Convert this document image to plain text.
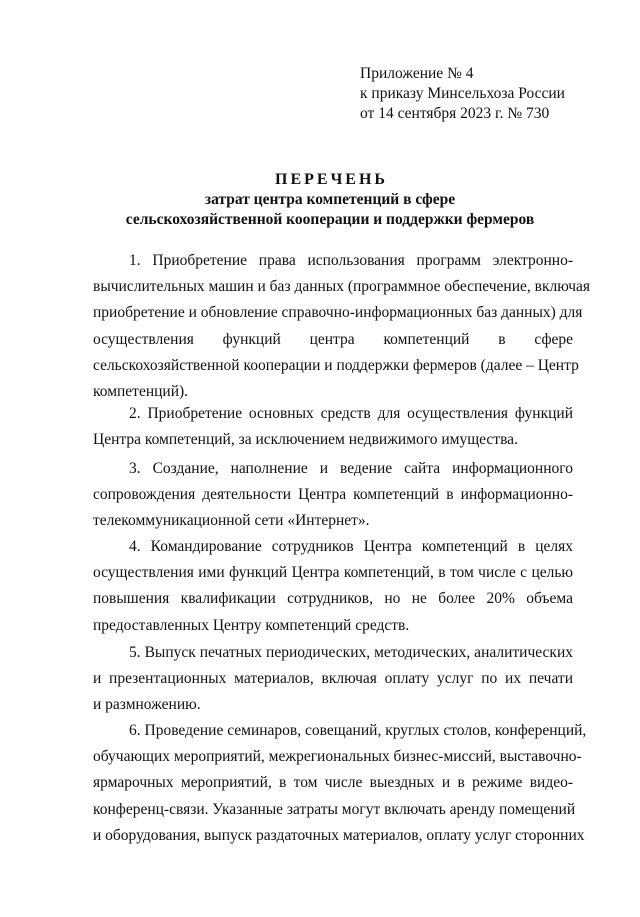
Приложение № 4
к приказу Минсельхоза России
от 14 сентября 2023 г. № 730
ПЕРЕЧЕНЬ
затрат центра компетенций в сфере
сельскохозяйственной кооперации и поддержки фермеров
1. Приобретение права использования программ электронно-
вычислительных машин и баз данных (программное обеспечение, включая
приобретение и обновление справочно-информационных баз данных) для
осуществления функций центра компетенций в сфере
сельскохозяйственной кооперации и поддержки фермеров (далее – Центр
компетенций).
2. Приобретение основных средств для осуществления функций
Центра компетенций, за исключением недвижимого имущества.
3. Создание, наполнение и ведение сайта информационного
сопровождения деятельности Центра компетенций в информационно-
телекоммуникационной сети «Интернет».
4. Командирование сотрудников Центра компетенций в целях
осуществления ими функций Центра компетенций, в том числе с целью
повышения квалификации сотрудников, но не более 20% объема
предоставленных Центру компетенций средств.
5. Выпуск печатных периодических, методических, аналитических
и презентационных материалов, включая оплату услуг по их печати
и размножению.
6. Проведение семинаров, совещаний, круглых столов, конференций,
обучающих мероприятий, межрегиональных бизнес-миссий, выставочно-
ярмарочных мероприятий, в том числе выездных и в режиме видео-
конференц-связи. Указанные затраты могут включать аренду помещений
и оборудования, выпуск раздаточных материалов, оплату услуг сторонних
